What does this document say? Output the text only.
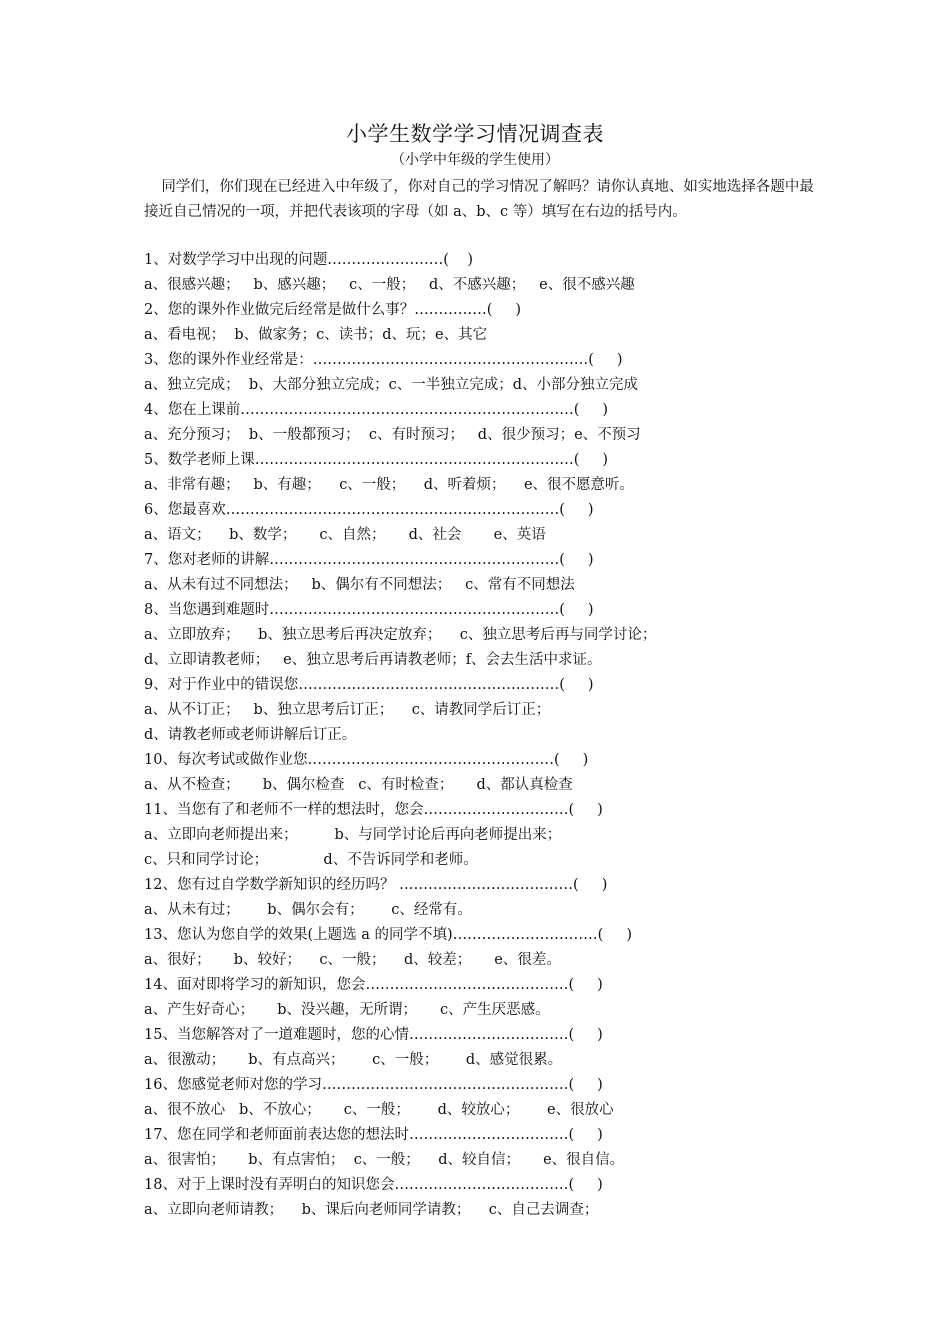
小学生数学学习情况调查表
（小学中年级的学生使用）
同学们，你们现在已经进入中年级了，你对自己的学习情况了解吗？请你认真地、如实地选择各题中最接近自己情况的一项，并把代表该项的字母（如 a、b、c 等）填写在右边的括号内。
1、对数学学习中出现的问题……………………(    )
a、很感兴趣；   b、感兴趣；   c、一般；   d、不感兴趣；   e、很不感兴趣
2、您的课外作业做完后经常是做什么事？……………(     )
a、看电视；  b、做家务；c、读书；d、玩；e、其它
3、您的课外作业经常是：…………………………………………………(     )
a、独立完成；  b、大部分独立完成；c、一半独立完成；d、小部分独立完成
4、您在上课前……………………………………………………………(     )
a、充分预习；  b、一般都预习；  c、有时预习；   d、很少预习；e、不预习
5、数学老师上课…………………………………………………………(     )
a、非常有趣；   b、有趣；    c、一般；    d、听着烦；    e、很不愿意听。
6、您最喜欢……………………………………………………………(     )
a、语文；    b、数学；     c、自然；     d、社会       e、英语
7、您对老师的讲解……………………………………………………(     )
a、从未有过不同想法；   b、偶尔有不同想法；   c、常有不同想法
8、当您遇到难题时……………………………………………………(     )
a、立即放弃；    b、独立思考后再决定放弃；    c、独立思考后再与同学讨论；
d、立即请教老师；   e、独立思考后再请教老师；f、会去生活中求证。
9、对于作业中的错误您………………………………………………(     )
a、从不订正；   b、独立思考后订正；    c、请教同学后订正；
d、请教老师或老师讲解后订正。
10、每次考试或做作业您……………………………………………(     )
a、从不检查；     b、偶尔检查   c、有时检查；     d、都认真检查
11、当您有了和老师不一样的想法时，您会…………………………(     )
a、立即向老师提出来；        b、与同学讨论后再向老师提出来；
c、只和同学讨论；            d、不告诉同学和老师。
12、您有过自学数学新知识的经历吗？ ………………………………(     )
a、从未有过；      b、偶尔会有；      c、经常有。
13、您认为您自学的效果(上题选 a 的同学不填)…………………………(     )
a、很好；     b、较好；    c、一般；    d、较差；     e、很差。
14、面对即将学习的新知识，您会……………………………………(     )
a、产生好奇心；     b、没兴趣，无所谓；     c、产生厌恶感。
15、当您解答对了一道难题时，您的心情……………………………(     )
a、很激动；     b、有点高兴；      c、一般；      d、感觉很累。
16、您感觉老师对您的学习……………………………………………(     )
a、很不放心   b、不放心；     c、一般；      d、较放心；      e、很放心
17、您在同学和老师面前表达您的想法时……………………………(     )
a、很害怕；     b、有点害怕；  c、一般；    d、较自信；     e、很自信。
18、对于上课时没有弄明白的知识您会………………………………(     )
a、立即向老师请教；    b、课后向老师同学请教；    c、自己去调查；
